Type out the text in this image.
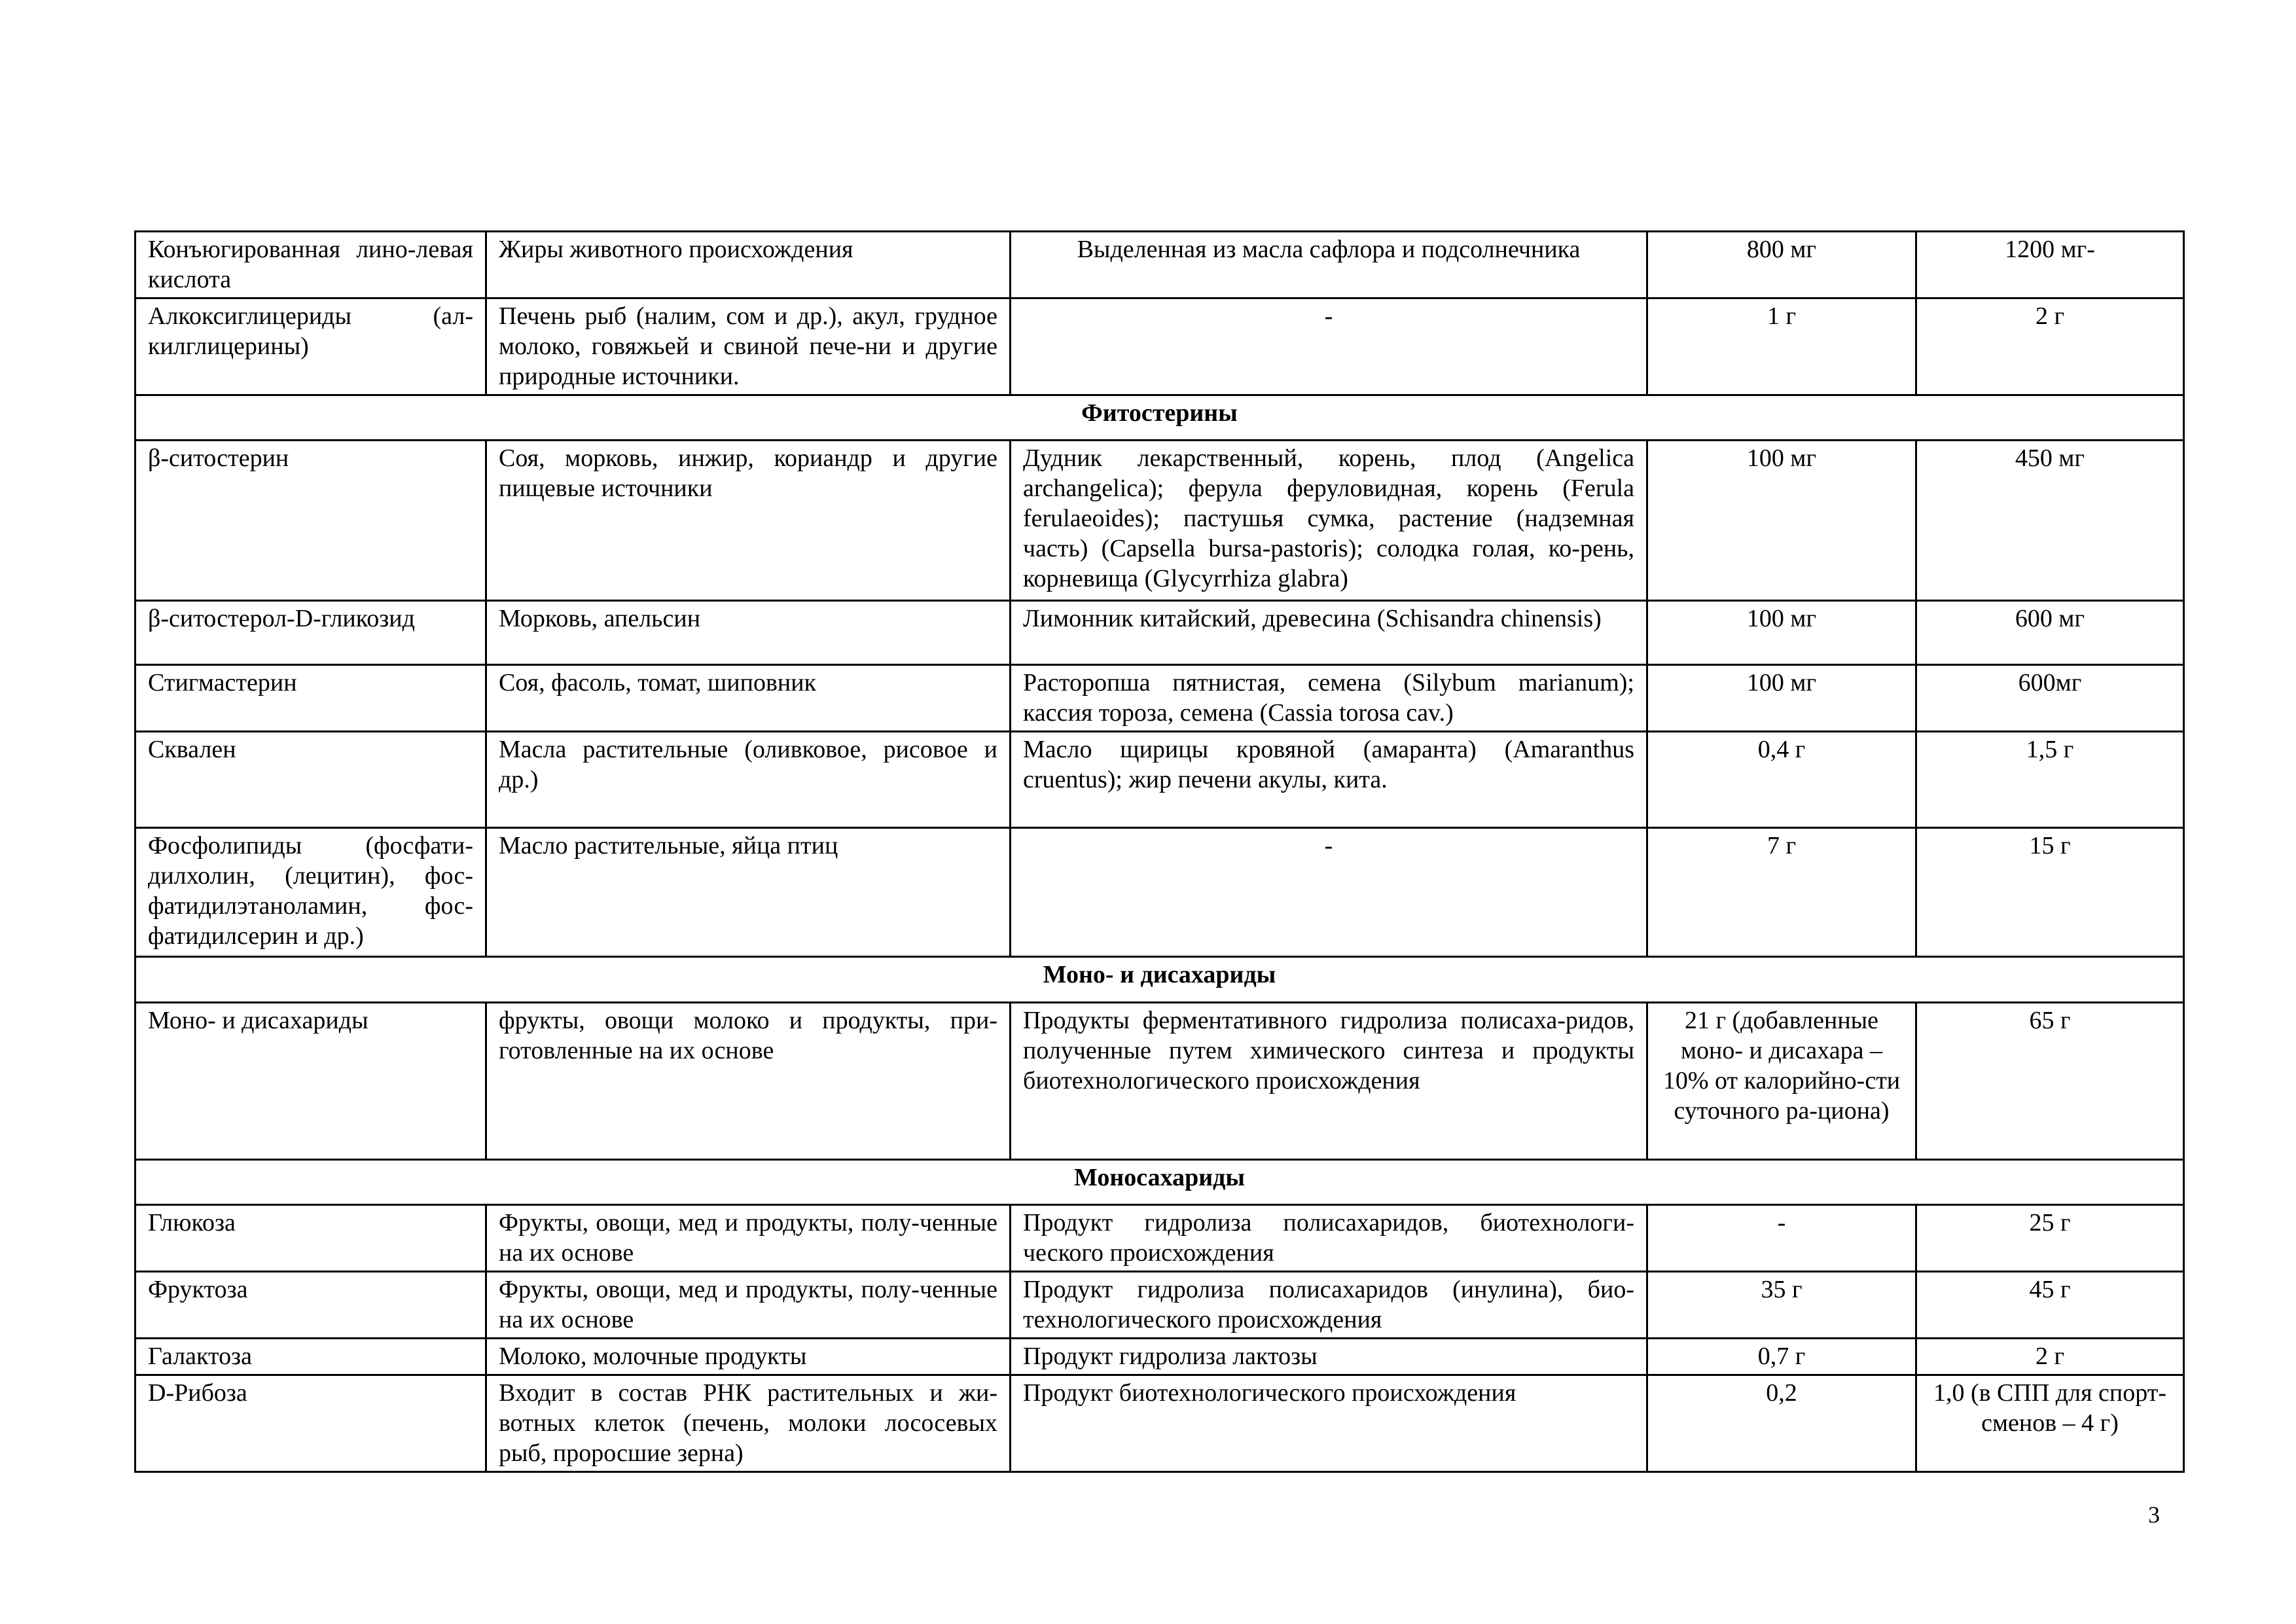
Конъюгированная лино-левая кислота	Жиры животного происхождения	Выделенная из масла сафлора и подсолнечника	800 мг	1200 мг-
Алкоксиглицериды (ал-килглицерины)	Печень рыб (налим, сом и др.), акул, грудное молоко, говяжьей и свиной пече-ни и другие природные источники.	-	1 г	2 г
Фитостерины				
β-ситостерин	Соя, морковь, инжир, кориандр и другие пищевые источники	Дудник лекарственный, корень, плод (Angelica archangelica); ферула феруловидная, корень (Ferula ferulaeoides); пастушья сумка, растение (надземная часть) (Capsella bursa-pastoris); солодка голая, ко-рень, корневища (Glycyrrhiza glabra)	100 мг	450 мг
β-ситостерол-D-гликозид	Морковь, апельсин	Лимонник китайский, древесина (Schisandra chinensis)	100 мг	600 мг
Стигмастерин	Соя, фасоль, томат, шиповник	Расторопша пятнистая, семена (Silybum marianum); кассия тороза, семена (Cassia torosa cav.)	100 мг	600мг
Сквален	Масла растительные (оливковое, рисовое и др.)	Масло щирицы кровяной (амаранта) (Amaranthus cruentus); жир печени акулы, кита.	0,4 г	1,5 г
Фосфолипиды (фосфати-дилхолин, (лецитин), фос-фатидилэтаноламин, фос-фатидилсерин и др.)	Масло растительные, яйца птиц	-	7 г	15 г
Моно- и дисахариды				
Моно- и дисахариды	фрукты, овощи молоко и продукты, при-готовленные на их основе	Продукты ферментативного гидролиза полисаха-ридов, полученные путем химического синтеза и продукты биотехнологического происхождения	21 г (добавленные моно- и дисахара – 10% от калорийно-сти суточного ра-циона)	65 г
Моносахариды				
Глюкоза	Фрукты, овощи, мед и продукты, полу-ченные на их основе	Продукт гидролиза полисахаридов, биотехнологи-ческого происхождения	-	25 г
Фруктоза	Фрукты, овощи, мед и продукты, полу-ченные на их основе	Продукт гидролиза полисахаридов (инулина), био-технологического происхождения	35 г	45 г
Галактоза	Молоко, молочные продукты	Продукт гидролиза лактозы	0,7 г	2 г
D-Рибоза	Входит в состав РНК растительных и жи-вотных клеток (печень, молоки лососевых рыб, проросшие зерна)	Продукт биотехнологического происхождения	0,2	1,0 (в СПП для спорт-сменов – 4 г)
3
